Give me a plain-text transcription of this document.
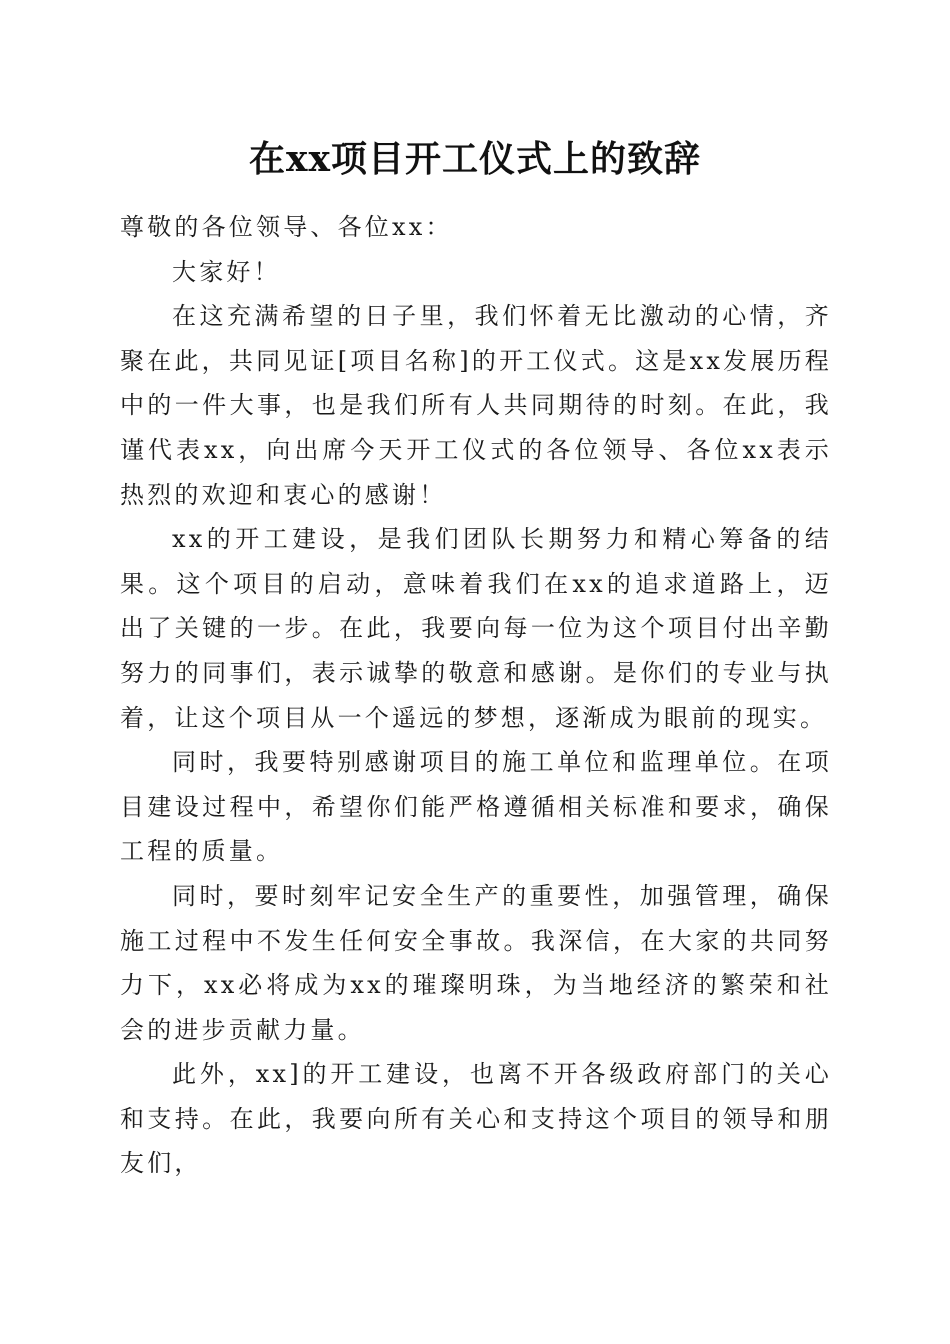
在xx项目开工仪式上的致辞

尊敬的各位领导、各位xx：

大家好！

在这充满希望的日子里，我们怀着无比激动的心情，齐聚在此，共同见证[项目名称]的开工仪式。这是xx发展历程中的一件大事，也是我们所有人共同期待的时刻。在此，我谨代表xx，向出席今天开工仪式的各位领导、各位xx表示热烈的欢迎和衷心的感谢！

xx的开工建设，是我们团队长期努力和精心筹备的结果。这个项目的启动，意味着我们在xx的追求道路上，迈出了关键的一步。在此，我要向每一位为这个项目付出辛勤努力的同事们，表示诚挚的敬意和感谢。是你们的专业与执着，让这个项目从一个遥远的梦想，逐渐成为眼前的现实。

同时，我要特别感谢项目的施工单位和监理单位。在项目建设过程中，希望你们能严格遵循相关标准和要求，确保工程的质量。

同时，要时刻牢记安全生产的重要性，加强管理，确保施工过程中不发生任何安全事故。我深信，在大家的共同努力下，xx必将成为xx的璀璨明珠，为当地经济的繁荣和社会的进步贡献力量。

此外，xx]的开工建设，也离不开各级政府部门的关心和支持。在此，我要向所有关心和支持这个项目的领导和朋友们，
